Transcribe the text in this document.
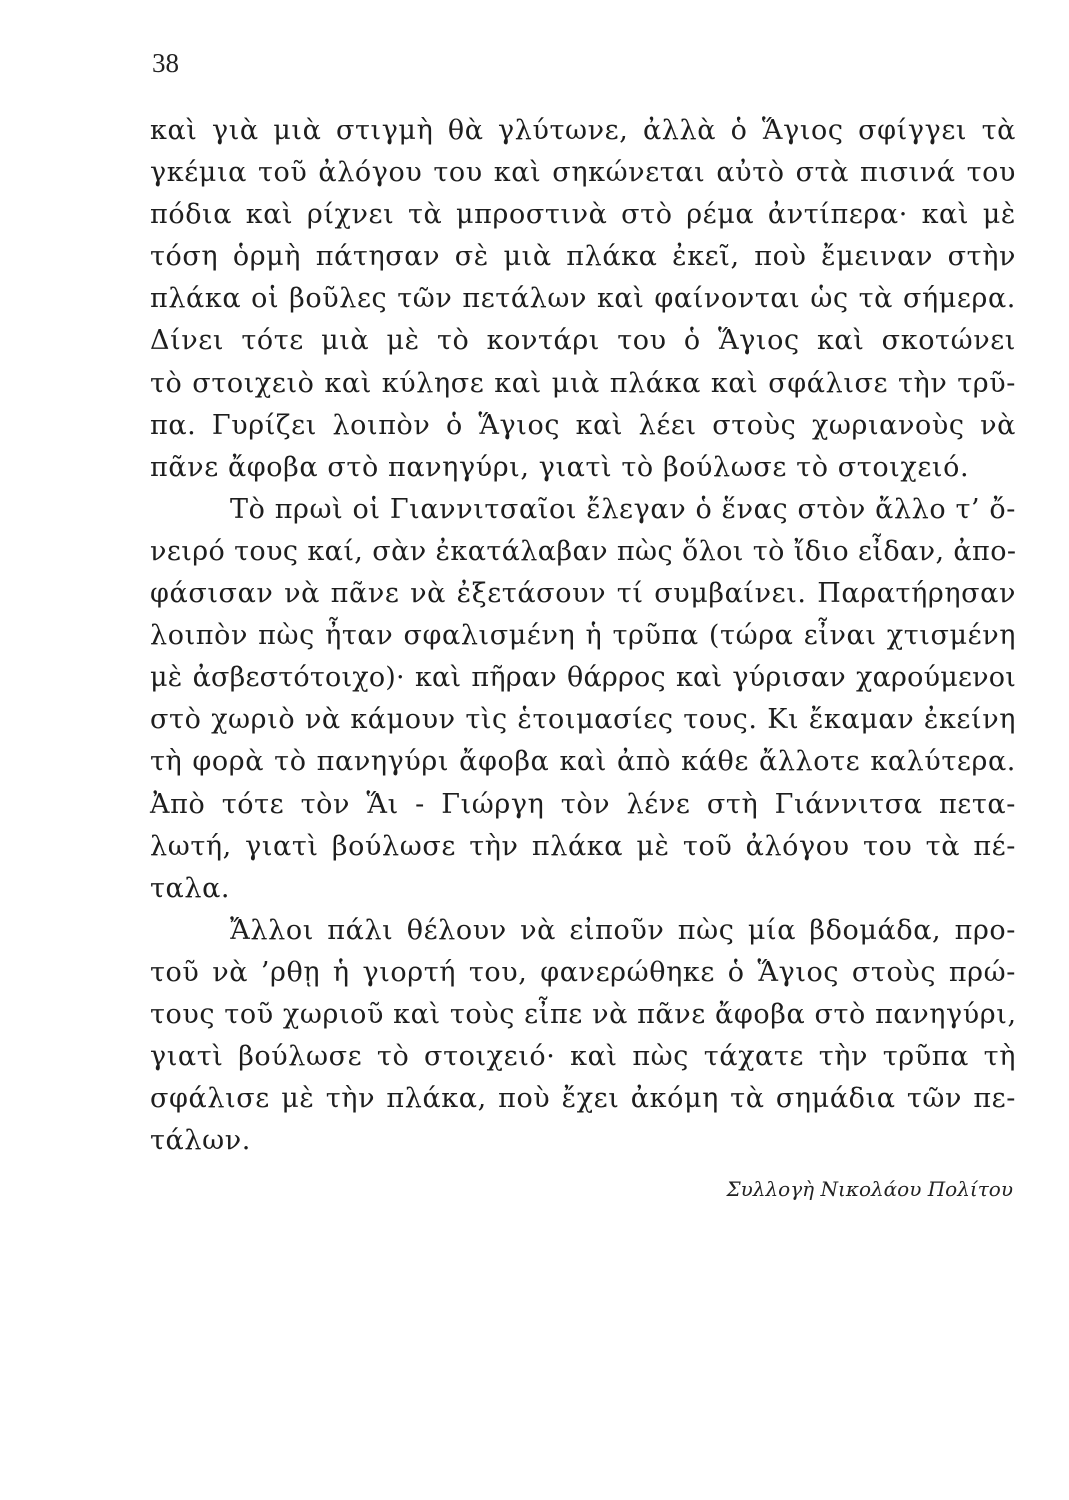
38
καὶ γιὰ μιὰ στιγμὴ θὰ γλύτωνε, ἀλλὰ ὁ Ἅγιος σφίγγει τὰ
γκέμια τοῦ ἀλόγου του καὶ σηκώνεται αὐτὸ στὰ πισινά του
πόδια καὶ ρίχνει τὰ μπροστινὰ στὸ ρέμα ἀντίπερα· καὶ μὲ
τόση ὁρμὴ πάτησαν σὲ μιὰ πλάκα ἐκεῖ, ποὺ ἔμειναν στὴν
πλάκα οἱ βοῦλες τῶν πετάλων καὶ φαίνονται ὡς τὰ σήμερα.
Δίνει τότε μιὰ μὲ τὸ κοντάρι του ὁ Ἅγιος καὶ σκοτώνει
τὸ στοιχειὸ καὶ κύλησε καὶ μιὰ πλάκα καὶ σφάλισε τὴν τρῦ-
πα. Γυρίζει λοιπὸν ὁ Ἅγιος καὶ λέει στοὺς χωριανοὺς νὰ
πᾶνε ἄφοβα στὸ πανηγύρι, γιατὶ τὸ βούλωσε τὸ στοιχειό.
Τὸ πρωὶ οἱ Γιαννιτσαῖοι ἔλεγαν ὁ ἕνας στὸν ἄλλο τ’ ὄ-
νειρό τους καί, σὰν ἐκατάλαβαν πὼς ὅλοι τὸ ἴδιο εἶδαν, ἀπο-
φάσισαν νὰ πᾶνε νὰ ἐξετάσουν τί συμβαίνει. Παρατήρησαν
λοιπὸν πὼς ἦταν σφαλισμένη ἡ τρῦπα (τώρα εἶναι χτισμένη
μὲ ἀσβεστότοιχο)· καὶ πῆραν θάρρος καὶ γύρισαν χαρούμενοι
στὸ χωριὸ νὰ κάμουν τὶς ἑτοιμασίες τους. Κι ἔκαμαν ἐκείνη
τὴ φορὰ τὸ πανηγύρι ἄφοβα καὶ ἀπὸ κάθε ἄλλοτε καλύτερα.
Ἀπὸ τότε τὸν Ἅι - Γιώργη τὸν λένε στὴ Γιάννιτσα πετα-
λωτή, γιατὶ βούλωσε τὴν πλάκα μὲ τοῦ ἀλόγου του τὰ πέ-
ταλα.
Ἄλλοι πάλι θέλουν νὰ εἰποῦν πὼς μία βδομάδα, προ-
τοῦ νὰ ’ρθῃ ἡ γιορτή του, φανερώθηκε ὁ Ἅγιος στοὺς πρώ-
τους τοῦ χωριοῦ καὶ τοὺς εἶπε νὰ πᾶνε ἄφοβα στὸ πανηγύρι,
γιατὶ βούλωσε τὸ στοιχειό· καὶ πὼς τάχατε τὴν τρῦπα τὴ
σφάλισε μὲ τὴν πλάκα, ποὺ ἔχει ἀκόμη τὰ σημάδια τῶν πε-
τάλων.
Συλλογὴ Νικολάου Πολίτου
